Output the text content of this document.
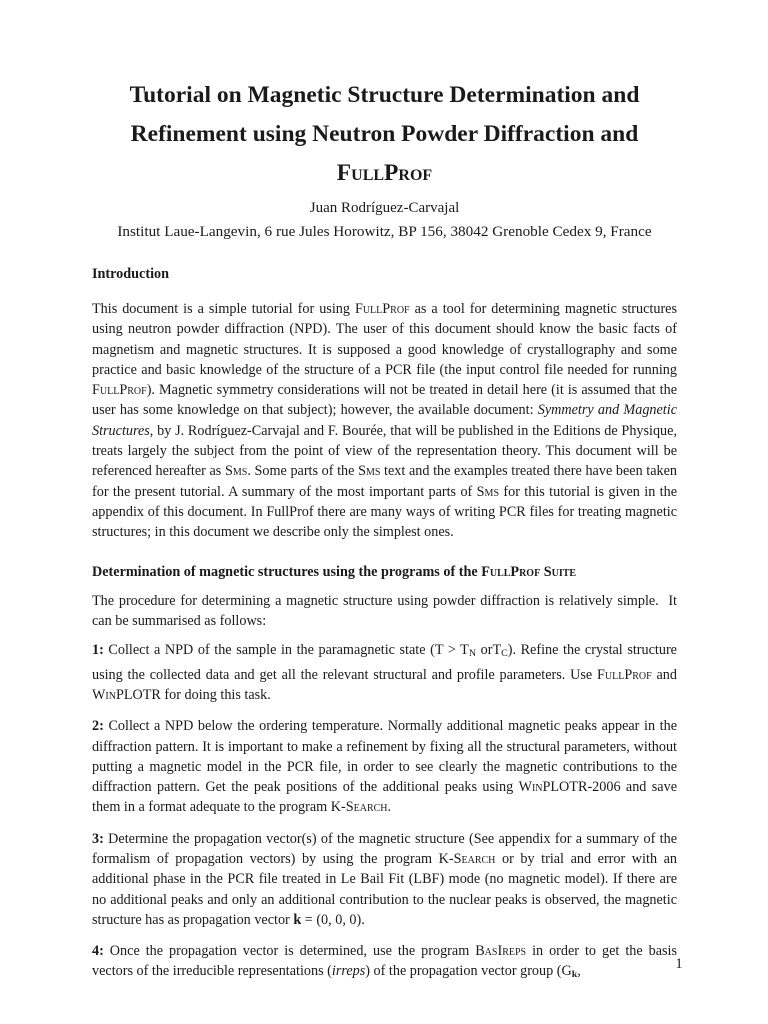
Tutorial on Magnetic Structure Determination and
Refinement using Neutron Powder Diffraction and
FullProf

Juan Rodríguez-Carvajal

Institut Laue-Langevin, 6 rue Jules Horowitz, BP 156, 38042 Grenoble Cedex 9, France

Introduction

This document is a simple tutorial for using FullProf as a tool for determining magnetic structures using neutron powder diffraction (NPD). The user of this document should know the basic facts of magnetism and magnetic structures. It is supposed a good knowledge of crystallography and some practice and basic knowledge of the structure of a PCR file (the input control file needed for running FullProf). Magnetic symmetry considerations will not be treated in detail here (it is assumed that the user has some knowledge on that subject); however, the available document: Symmetry and Magnetic Structures, by J. Rodríguez-Carvajal and F. Bourée, that will be published in the Editions de Physique, treats largely the subject from the point of view of the representation theory. This document will be referenced hereafter as Sms. Some parts of the Sms text and the examples treated there have been taken for the present tutorial. A summary of the most important parts of Sms for this tutorial is given in the appendix of this document. In FullProf there are many ways of writing PCR files for treating magnetic structures; in this document we describe only the simplest ones.

Determination of magnetic structures using the programs of the FullProf Suite

The procedure for determining a magnetic structure using powder diffraction is relatively simple.  It can be summarised as follows:

1: Collect a NPD of the sample in the paramagnetic state ($T > T_N$ orT$_C$). Refine the crystal structure using the collected data and get all the relevant structural and profile parameters. Use FullProf and WinPLOTR for doing this task.

2: Collect a NPD below the ordering temperature. Normally additional magnetic peaks appear in the diffraction pattern. It is important to make a refinement by fixing all the structural parameters, without putting a magnetic model in the PCR file, in order to see clearly the magnetic contributions to the diffraction pattern. Get the peak positions of the additional peaks using WinPLOTR-2006 and save them in a format adequate to the program K-Search.

3: Determine the propagation vector(s) of the magnetic structure (See appendix for a summary of the formalism of propagation vectors) by using the program K-Search or by trial and error with an additional phase in the PCR file treated in Le Bail Fit (LBF) mode (no magnetic model). If there are no additional peaks and only an additional contribution to the nuclear peaks is observed, the magnetic structure has as propagation vector k = (0, 0, 0).

4: Once the propagation vector is determined, use the program BasIreps in order to get the basis vectors of the irreducible representations (irreps) of the propagation vector group ($G_k$,	1
